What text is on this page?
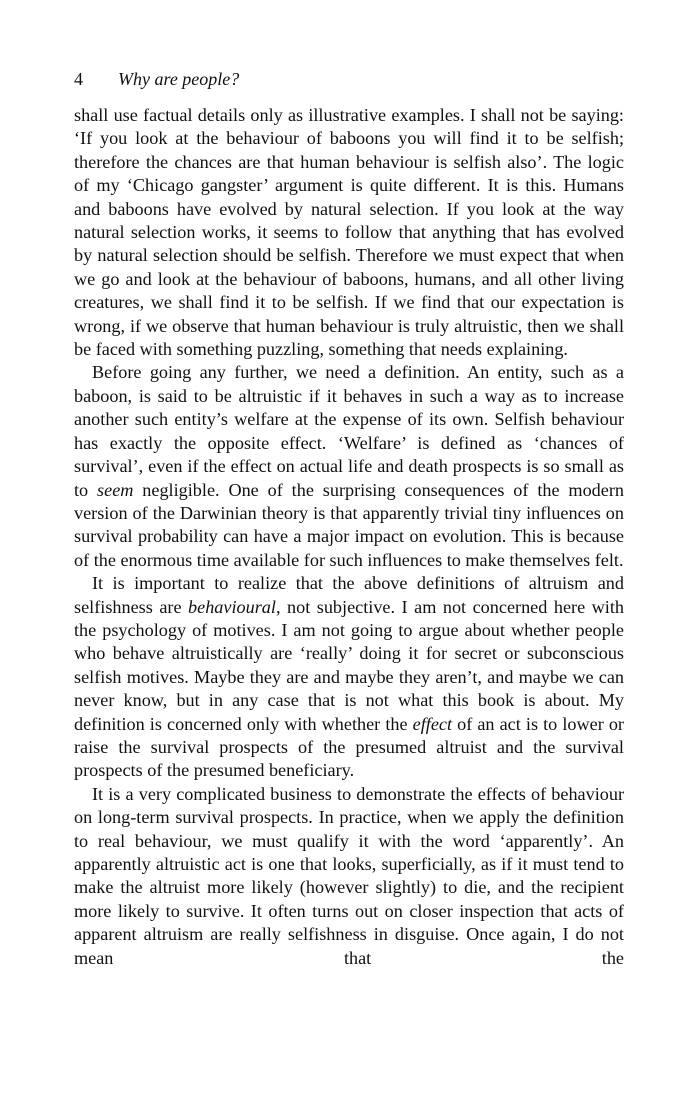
4 Why are people?

shall use factual details only as illustrative examples. I shall not be saying: ‘If you look at the behaviour of baboons you will find it to be selfish; therefore the chances are that human behaviour is selfish also’. The logic of my ‘Chicago gangster’ argument is quite different. It is this. Humans and baboons have evolved by natural selection. If you look at the way natural selection works, it seems to follow that anything that has evolved by natural selection should be selfish. Therefore we must expect that when we go and look at the behaviour of baboons, humans, and all other living creatures, we shall find it to be selfish. If we find that our expectation is wrong, if we observe that human behaviour is truly altruistic, then we shall be faced with something puzzling, something that needs explaining.

Before going any further, we need a definition. An entity, such as a baboon, is said to be altruistic if it behaves in such a way as to increase another such entity’s welfare at the expense of its own. Selfish behaviour has exactly the opposite effect. ‘Welfare’ is defined as ‘chances of survival’, even if the effect on actual life and death prospects is so small as to seem negligible. One of the surprising consequences of the modern version of the Darwinian theory is that apparently trivial tiny influences on survival probability can have a major impact on evolution. This is because of the enormous time available for such influences to make themselves felt.

It is important to realize that the above definitions of altruism and selfishness are behavioural, not subjective. I am not concerned here with the psychology of motives. I am not going to argue about whether people who behave altruistically are ‘really’ doing it for secret or subconscious selfish motives. Maybe they are and maybe they aren’t, and maybe we can never know, but in any case that is not what this book is about. My definition is concerned only with whether the effect of an act is to lower or raise the survival prospects of the presumed altruist and the survival prospects of the presumed beneficiary.

It is a very complicated business to demonstrate the effects of behaviour on long-term survival prospects. In practice, when we apply the definition to real behaviour, we must qualify it with the word ‘apparently’. An apparently altruistic act is one that looks, superficially, as if it must tend to make the altruist more likely (however slightly) to die, and the recipient more likely to survive. It often turns out on closer inspection that acts of apparent altruism are really selfishness in disguise. Once again, I do not mean that the
